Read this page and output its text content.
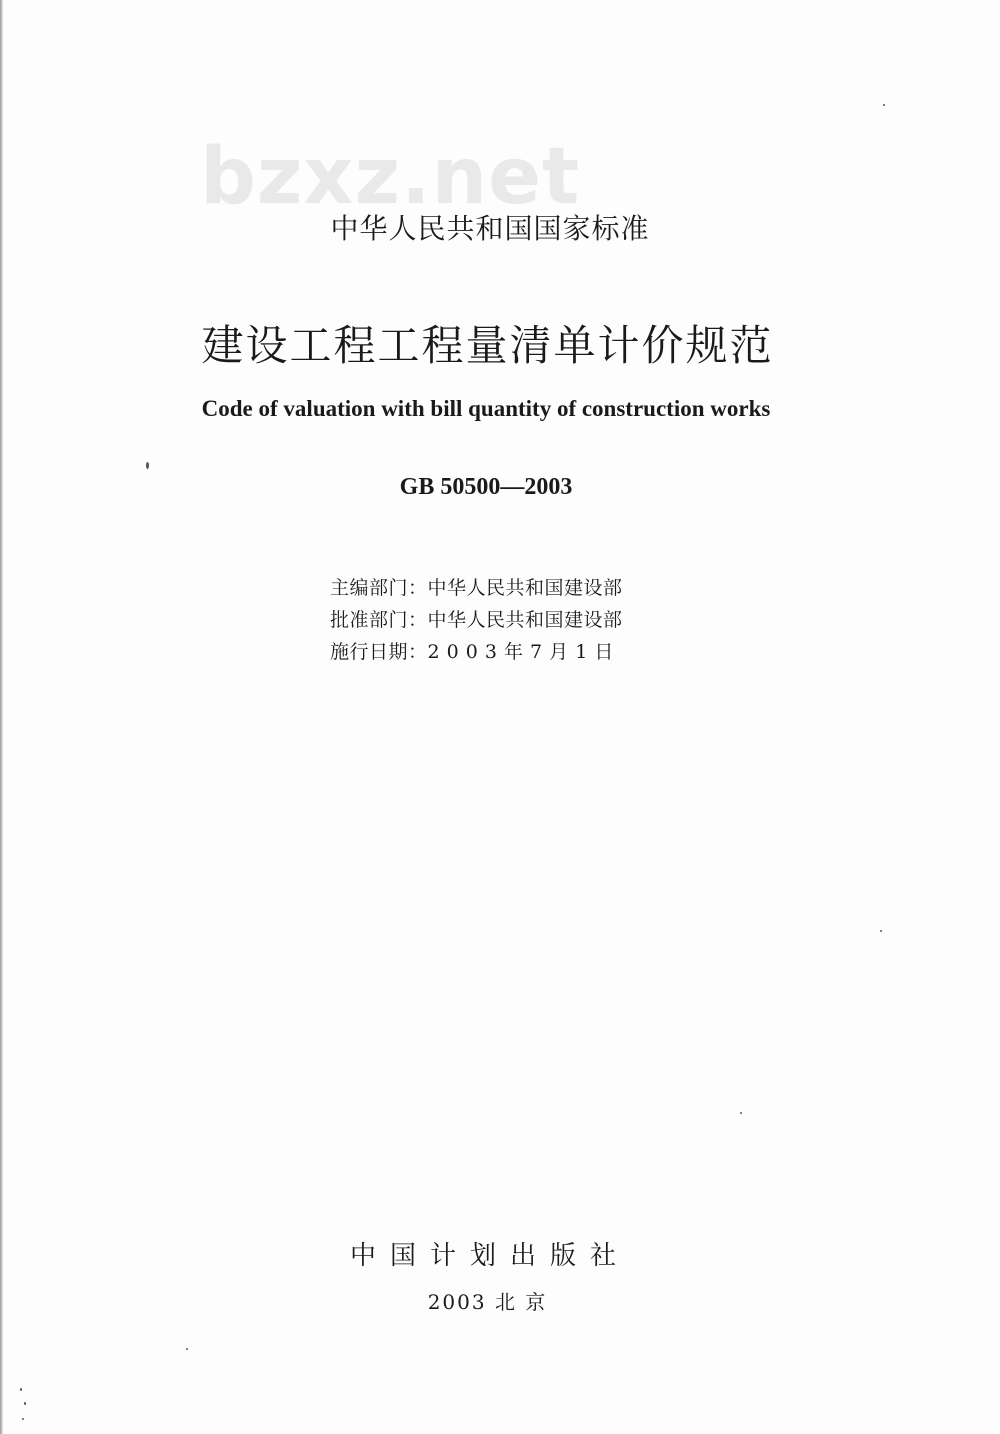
bzxz.net
中华人民共和国国家标准
建设工程工程量清单计价规范
Code of valuation with bill quantity of construction works
GB 50500—2003
主编部门：中华人民共和国建设部
批准部门：中华人民共和国建设部
施行日期：2 0 0 3 年 7 月 1 日
中国计划出版社
2003 北 京
